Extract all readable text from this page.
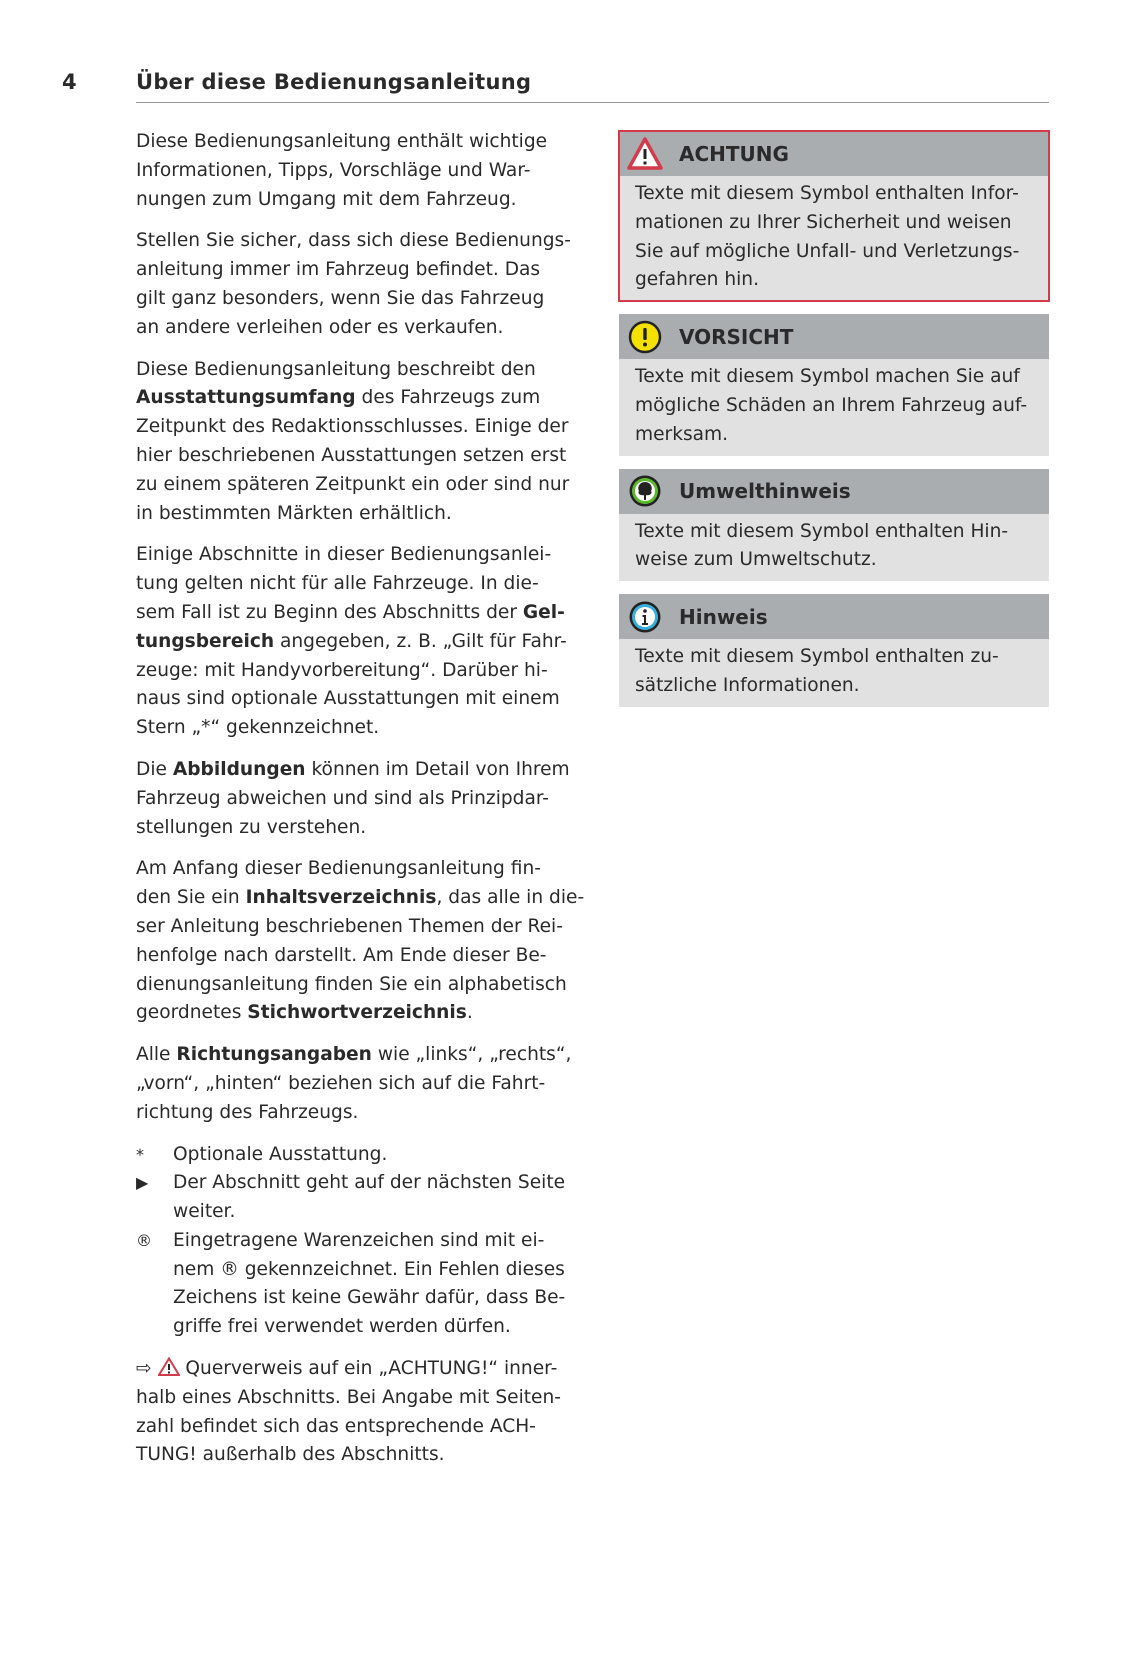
4	Über diese Bedienungsanleitung
Diese Bedienungsanleitung enthält wichtige
Informationen, Tipps, Vorschläge und War-
nungen zum Umgang mit dem Fahrzeug.
Stellen Sie sicher, dass sich diese Bedienungs-
anleitung immer im Fahrzeug befindet. Das
gilt ganz besonders, wenn Sie das Fahrzeug
an andere verleihen oder es verkaufen.
Diese Bedienungsanleitung beschreibt den
Ausstattungsumfang des Fahrzeugs zum
Zeitpunkt des Redaktionsschlusses. Einige der
hier beschriebenen Ausstattungen setzen erst
zu einem späteren Zeitpunkt ein oder sind nur
in bestimmten Märkten erhältlich.
Einige Abschnitte in dieser Bedienungsanlei-
tung gelten nicht für alle Fahrzeuge. In die-
sem Fall ist zu Beginn des Abschnitts der Gel-
tungsbereich angegeben, z. B. „Gilt für Fahr-
zeuge: mit Handyvorbereitung“. Darüber hi-
naus sind optionale Ausstattungen mit einem
Stern „*“ gekennzeichnet.
Die Abbildungen können im Detail von Ihrem
Fahrzeug abweichen und sind als Prinzipdar-
stellungen zu verstehen.
Am Anfang dieser Bedienungsanleitung fin-
den Sie ein Inhaltsverzeichnis, das alle in die-
ser Anleitung beschriebenen Themen der Rei-
henfolge nach darstellt. Am Ende dieser Be-
dienungsanleitung finden Sie ein alphabetisch
geordnetes Stichwortverzeichnis.
Alle Richtungsangaben wie „links“, „rechts“,
„vorn“, „hinten“ beziehen sich auf die Fahrt-
richtung des Fahrzeugs.
* Optionale Ausstattung.
▶ Der Abschnitt geht auf der nächsten Seite
weiter.
® Eingetragene Warenzeichen sind mit ei-
nem ® gekennzeichnet. Ein Fehlen dieses
Zeichens ist keine Gewähr dafür, dass Be-
griffe frei verwendet werden dürfen.
⇨  Querverweis auf ein „ACHTUNG!“ inner-
halb eines Abschnitts. Bei Angabe mit Seiten-
zahl befindet sich das entsprechende ACH-
TUNG! außerhalb des Abschnitts.
ACHTUNG
Texte mit diesem Symbol enthalten Infor-
mationen zu Ihrer Sicherheit und weisen
Sie auf mögliche Unfall- und Verletzungs-
gefahren hin.
VORSICHT
Texte mit diesem Symbol machen Sie auf
mögliche Schäden an Ihrem Fahrzeug auf-
merksam.
Umwelthinweis
Texte mit diesem Symbol enthalten Hin-
weise zum Umweltschutz.
Hinweis
Texte mit diesem Symbol enthalten zu-
sätzliche Informationen.
